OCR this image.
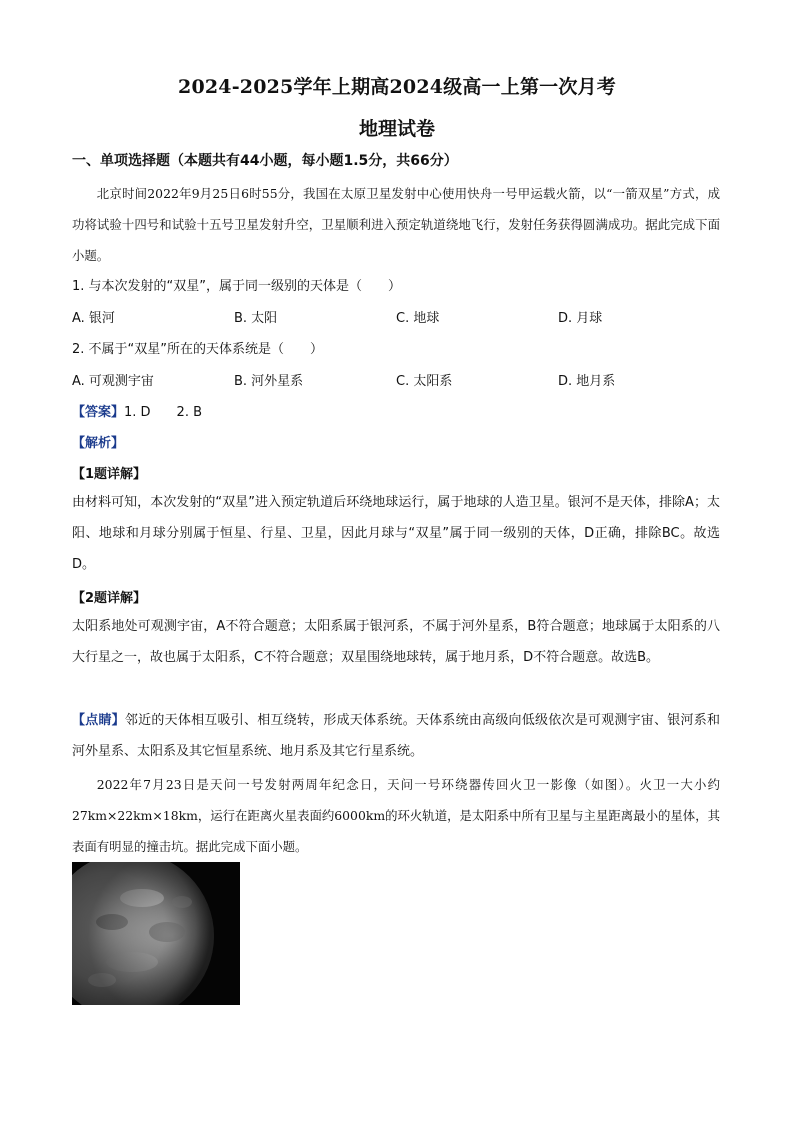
2024-2025学年上期高2024级高一上第一次月考
地理试卷
一、单项选择题（本题共有44小题，每小题1.5分，共66分）
北京时间2022年9月25日6时55分，我国在太原卫星发射中心使用快舟一号甲运载火箭，以“一箭双星”方式，成功将试验十四号和试验十五号卫星发射升空，卫星顺利进入预定轨道绕地飞行，发射任务获得圆满成功。据此完成下面小题。
1. 与本次发射的“双星”，属于同一级别的天体是（　　）
A. 银河	B. 太阳	C. 地球	D. 月球
2. 不属于“双星”所在的天体系统是（　　）
A. 可观测宇宙	B. 河外星系	C. 太阳系	D. 地月系
【答案】1. D　　2. B
【解析】
【1题详解】
由材料可知，本次发射的“双星”进入预定轨道后环绕地球运行，属于地球的人造卫星。银河不是天体，排除A；太阳、地球和月球分别属于恒星、行星、卫星，因此月球与“双星”属于同一级别的天体，D正确，排除BC。故选D。
【2题详解】
太阳系地处可观测宇宙，A不符合题意；太阳系属于银河系，不属于河外星系，B符合题意；地球属于太阳系的八大行星之一，故也属于太阳系，C不符合题意；双星围绕地球转，属于地月系，D不符合题意。故选B。
【点睛】邻近的天体相互吸引、相互绕转，形成天体系统。天体系统由高级向低级依次是可观测宇宙、银河系和河外星系、太阳系及其它恒星系统、地月系及其它行星系统。
2022年7月23日是天问一号发射两周年纪念日，天问一号环绕器传回火卫一影像（如图）。火卫一大小约27km×22km×18km，运行在距离火星表面约6000km的环火轨道，是太阳系中所有卫星与主星距离最小的星体，其表面有明显的撞击坑。据此完成下面小题。
